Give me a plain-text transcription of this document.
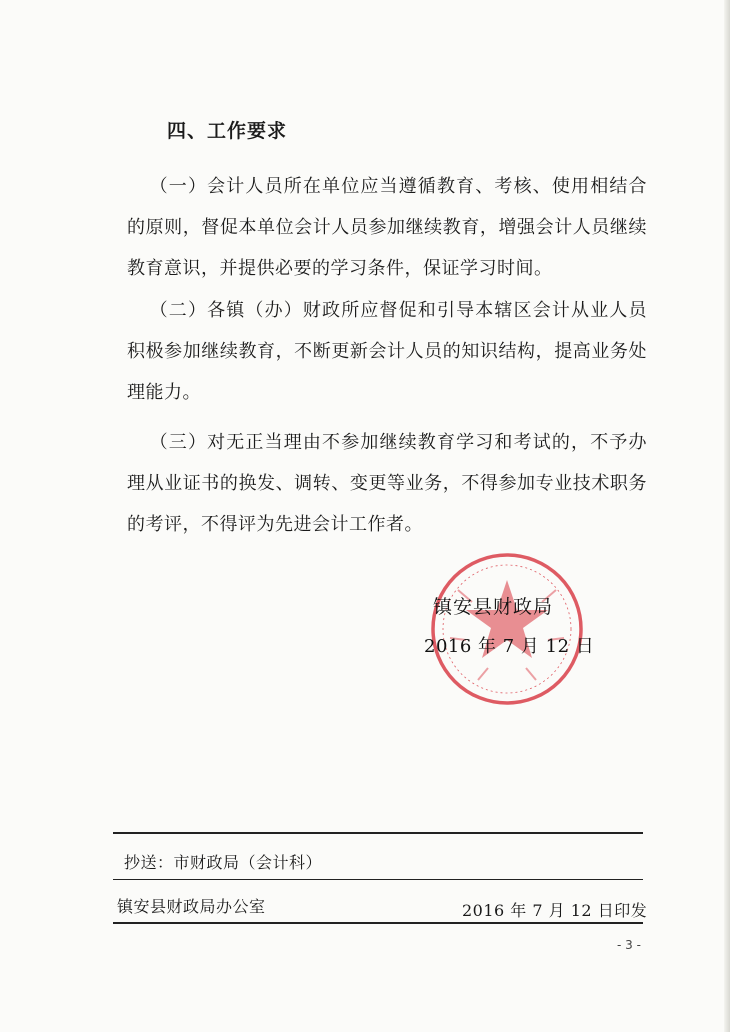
四、工作要求
（一）会计人员所在单位应当遵循教育、考核、使用相结合的原则，督促本单位会计人员参加继续教育，增强会计人员继续教育意识，并提供必要的学习条件，保证学习时间。
（二）各镇（办）财政所应督促和引导本辖区会计从业人员积极参加继续教育，不断更新会计人员的知识结构，提高业务处理能力。
（三）对无正当理由不参加继续教育学习和考试的，不予办理从业证书的换发、调转、变更等业务，不得参加专业技术职务的考评，不得评为先进会计工作者。
镇安县财政局
2016 年 7 月 12 日
抄送：市财政局（会计科）
镇安县财政局办公室	2016 年 7 月 12 日印发
- 3 -
